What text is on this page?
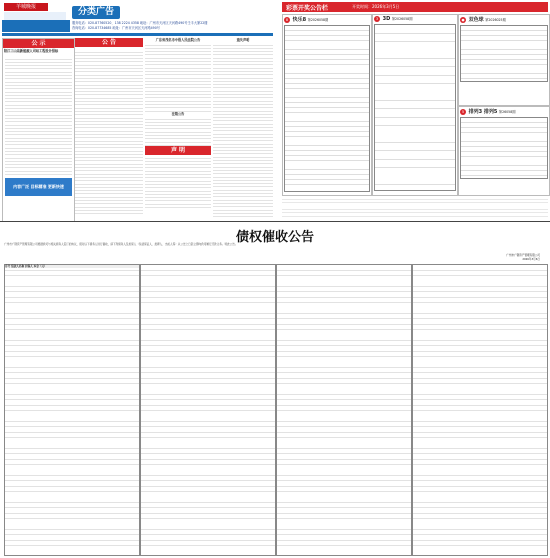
羊城晚报	分类广告
服务电话：020-87760520、138 2224 4358 地址：广州市天河区天河路490号壬丰大厦22楼
咨询电话：020-87734685 地址：广州市天河区天河路490号
公 示
阳江三山岛新能源入司站工程设计招标
内容广泛 目标精准 更新快速
公 告	广东省茂名市中级人民法院公告
注销公告
声 明
遗失声明
彩票开奖公告栏	开奖时间：2026年3月5日
8 快乐8 第2026058期	3 3D 第2026058期	● 双色球 第2026025期
5 排列3 排列5 第26058期
债权催收公告
广州市广钢资产管理有限公司根据我司与相关债务人签订的协议，现对以下债务人进行催收，请下列债务人及担保人（包括保证人、抵押人、出质人等）从公告之日起立即向我司履行还款义务。特此公告。
广州市广钢资产管理有限公司
2026年3月6日
序号 借款人名称 担保人 本金（元）
